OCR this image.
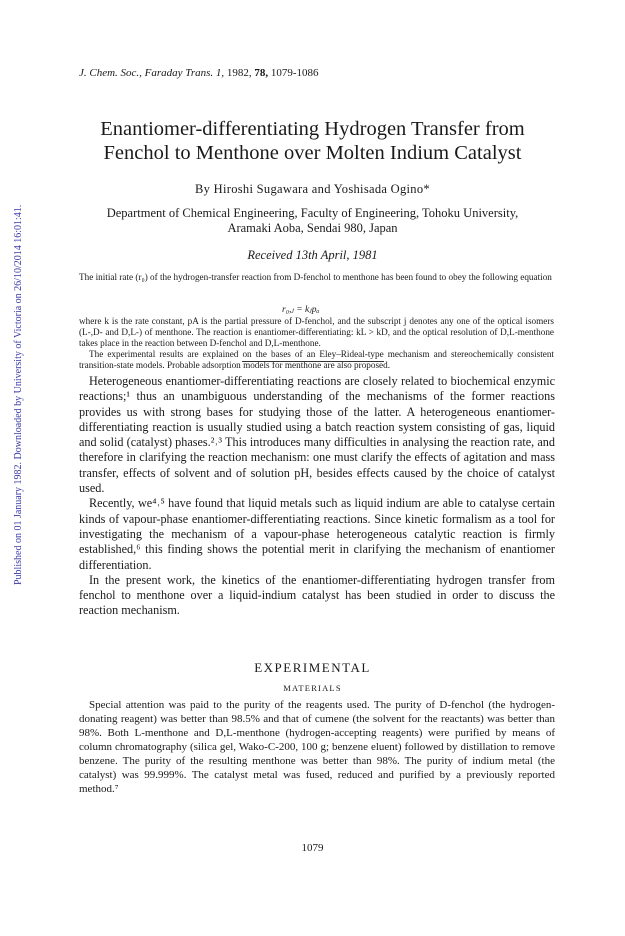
Published on 01 January 1982. Downloaded by University of Victoria on 26/10/2014 16:01:41.
J. Chem. Soc., Faraday Trans. 1, 1982, 78, 1079-1086
Enantiomer-differentiating Hydrogen Transfer from
Fenchol to Menthone over Molten Indium Catalyst
By Hiroshi Sugawara and Yoshisada Ogino*
Department of Chemical Engineering, Faculty of Engineering, Tohoku University,
Aramaki Aoba, Sendai 980, Japan
Received 13th April, 1981

The initial rate (r₀) of the hydrogen-transfer reaction from D-fenchol to menthone has been found to obey the following equation

r₀,ⱼ = kⱼpₐ

where k is the rate constant, pA is the partial pressure of D-fenchol, and the subscript j denotes any one of the optical isomers (L-,D- and D,L-) of menthone. The reaction is enantiomer-differentiating: kL > kD, and the optical resolution of D,L-menthone takes place in the reaction between D-fenchol and D,L-menthone.

The experimental results are explained on the bases of an Eley–Rideal-type mechanism and stereochemically consistent transition-state models. Probable adsorption models for menthone are also proposed.

Heterogeneous enantiomer-differentiating reactions are closely related to biochemical enzymic reactions;¹ thus an unambiguous understanding of the mechanisms of the former reactions provides us with strong bases for studying those of the latter. A heterogeneous enantiomer-differentiating reaction is usually studied using a batch reaction system consisting of gas, liquid and solid (catalyst) phases.²˒³ This introduces many difficulties in analysing the reaction rate, and therefore in clarifying the reaction mechanism: one must clarify the effects of agitation and mass transfer, effects of solvent and of solution pH, besides effects caused by the choice of catalyst used.

Recently, we⁴˒⁵ have found that liquid metals such as liquid indium are able to catalyse certain kinds of vapour-phase enantiomer-differentiating reactions. Since kinetic formalism as a tool for investigating the mechanism of a vapour-phase heterogeneous catalytic reaction is firmly established,⁶ this finding shows the potential merit in clarifying the mechanism of enantiomer differentiation.

In the present work, the kinetics of the enantiomer-differentiating hydrogen transfer from fenchol to menthone over a liquid-indium catalyst has been studied in order to discuss the reaction mechanism.

EXPERIMENTAL
MATERIALS

Special attention was paid to the purity of the reagents used. The purity of D-fenchol (the hydrogen-donating reagent) was better than 98.5% and that of cumene (the solvent for the reactants) was better than 98%. Both L-menthone and D,L-menthone (hydrogen-accepting reagents) were purified by means of column chromatography (silica gel, Wako-C-200, 100 g; benzene eluent) followed by distillation to remove benzene. The purity of the resulting menthone was better than 98%. The purity of indium metal (the catalyst) was 99.999%. The catalyst metal was fused, reduced and purified by a previously reported method.⁷

1079
